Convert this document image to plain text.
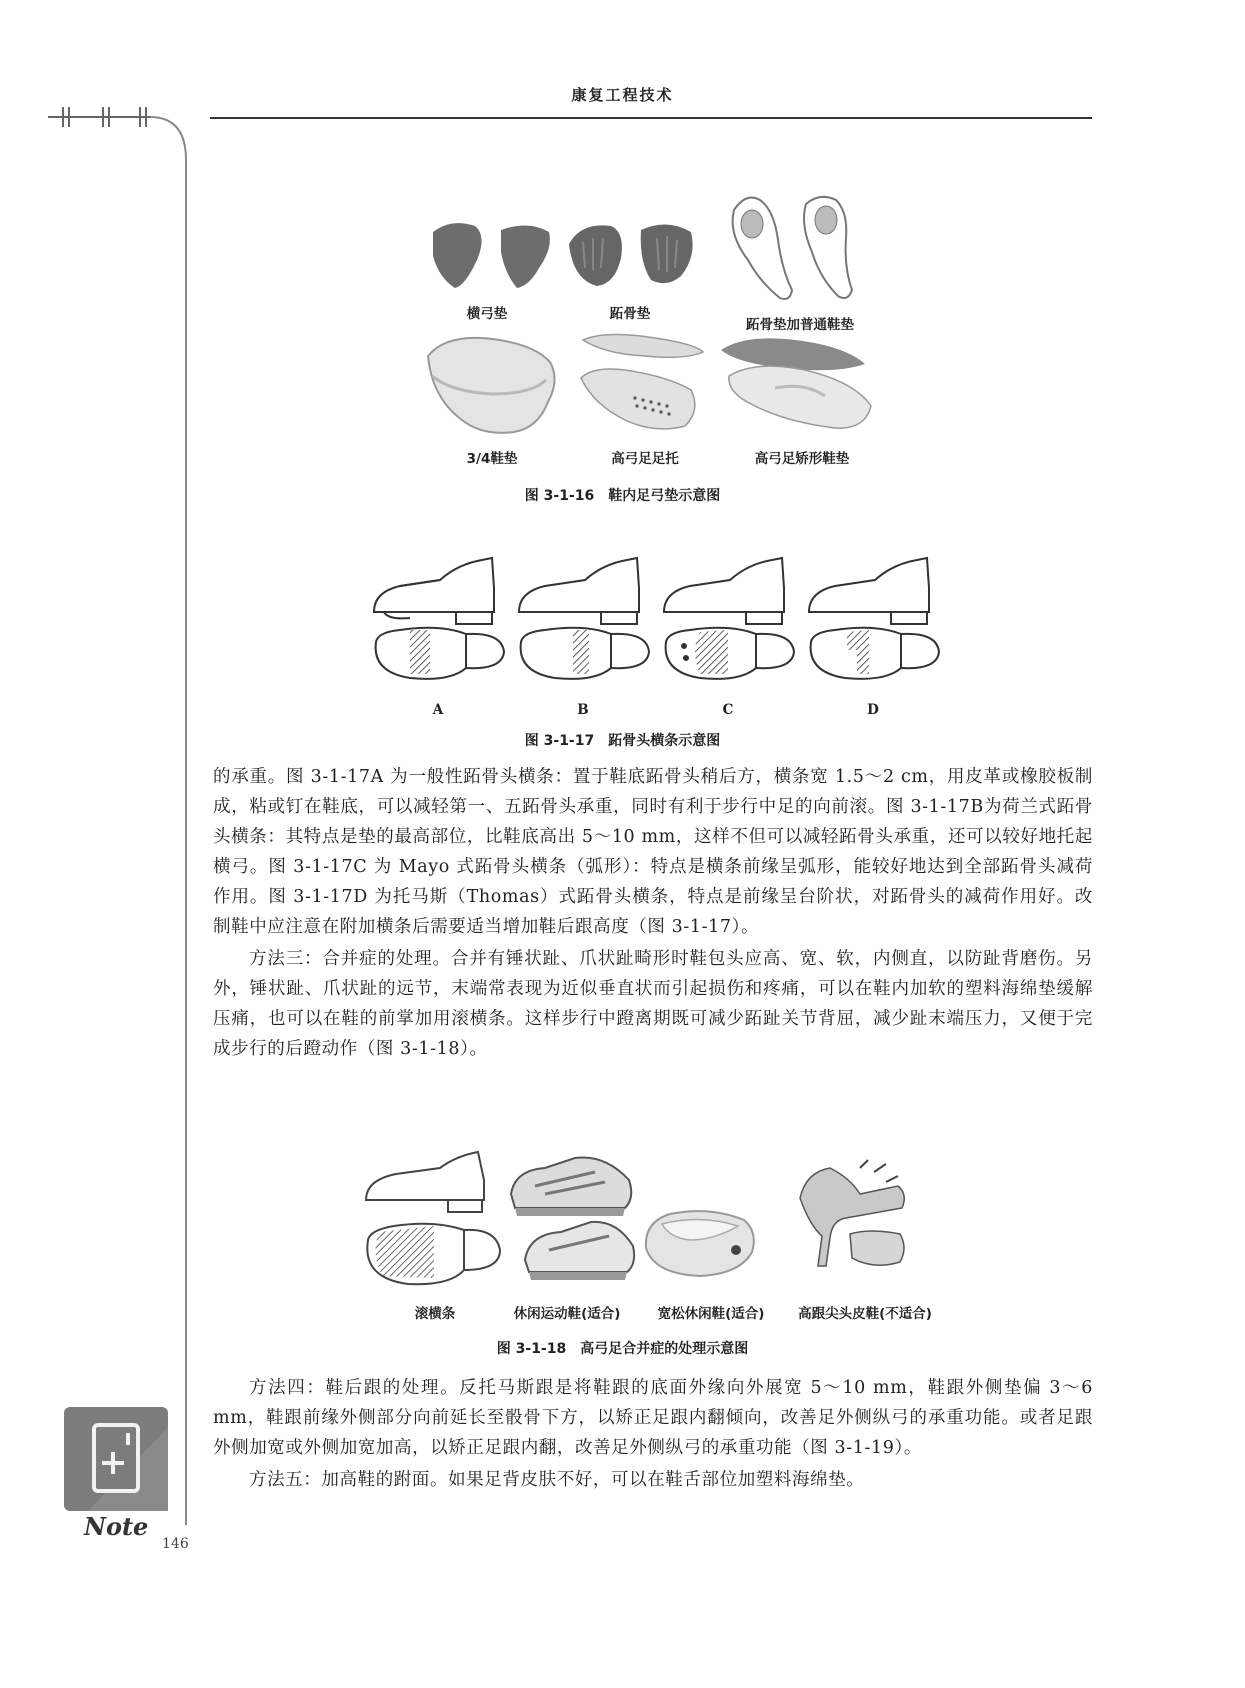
康复工程技术
横弓垫	跖骨垫
跖骨垫加普通鞋垫
3/4鞋垫	高弓足足托	高弓足矫形鞋垫
图 3-1-16　鞋内足弓垫示意图
A	B	C	D
图 3-1-17　跖骨头横条示意图

的承重。图 3-1-17A 为一般性跖骨头横条：置于鞋底跖骨头稍后方，横条宽 1.5～2 cm，用皮革或橡胶板制成，粘或钉在鞋底，可以减轻第一、五跖骨头承重，同时有利于步行中足的向前滚。图 3-1-17B为荷兰式跖骨头横条：其特点是垫的最高部位，比鞋底高出 5～10 mm，这样不但可以减轻跖骨头承重，还可以较好地托起横弓。图 3-1-17C 为 Mayo 式跖骨头横条（弧形）：特点是横条前缘呈弧形，能较好地达到全部跖骨头减荷作用。图 3-1-17D 为托马斯（Thomas）式跖骨头横条，特点是前缘呈台阶状，对跖骨头的减荷作用好。改制鞋中应注意在附加横条后需要适当增加鞋后跟高度（图 3-1-17）。

方法三：合并症的处理。合并有锤状趾、爪状趾畸形时鞋包头应高、宽、软，内侧直，以防趾背磨伤。另外，锤状趾、爪状趾的远节，末端常表现为近似垂直状而引起损伤和疼痛，可以在鞋内加软的塑料海绵垫缓解压痛，也可以在鞋的前掌加用滚横条。这样步行中蹬离期既可减少跖趾关节背屈，减少趾末端压力，又便于完成步行的后蹬动作（图 3-1-18）。

滚横条	休闲运动鞋(适合)	宽松休闲鞋(适合)	高跟尖头皮鞋(不适合)
图 3-1-18　高弓足合并症的处理示意图

方法四：鞋后跟的处理。反托马斯跟是将鞋跟的底面外缘向外展宽 5～10 mm，鞋跟外侧垫偏 3～6 mm，鞋跟前缘外侧部分向前延长至骰骨下方，以矫正足跟内翻倾向，改善足外侧纵弓的承重功能。或者足跟外侧加宽或外侧加宽加高，以矫正足跟内翻，改善足外侧纵弓的承重功能（图 3-1-19）。

方法五：加高鞋的跗面。如果足背皮肤不好，可以在鞋舌部位加塑料海绵垫。

Note
146
